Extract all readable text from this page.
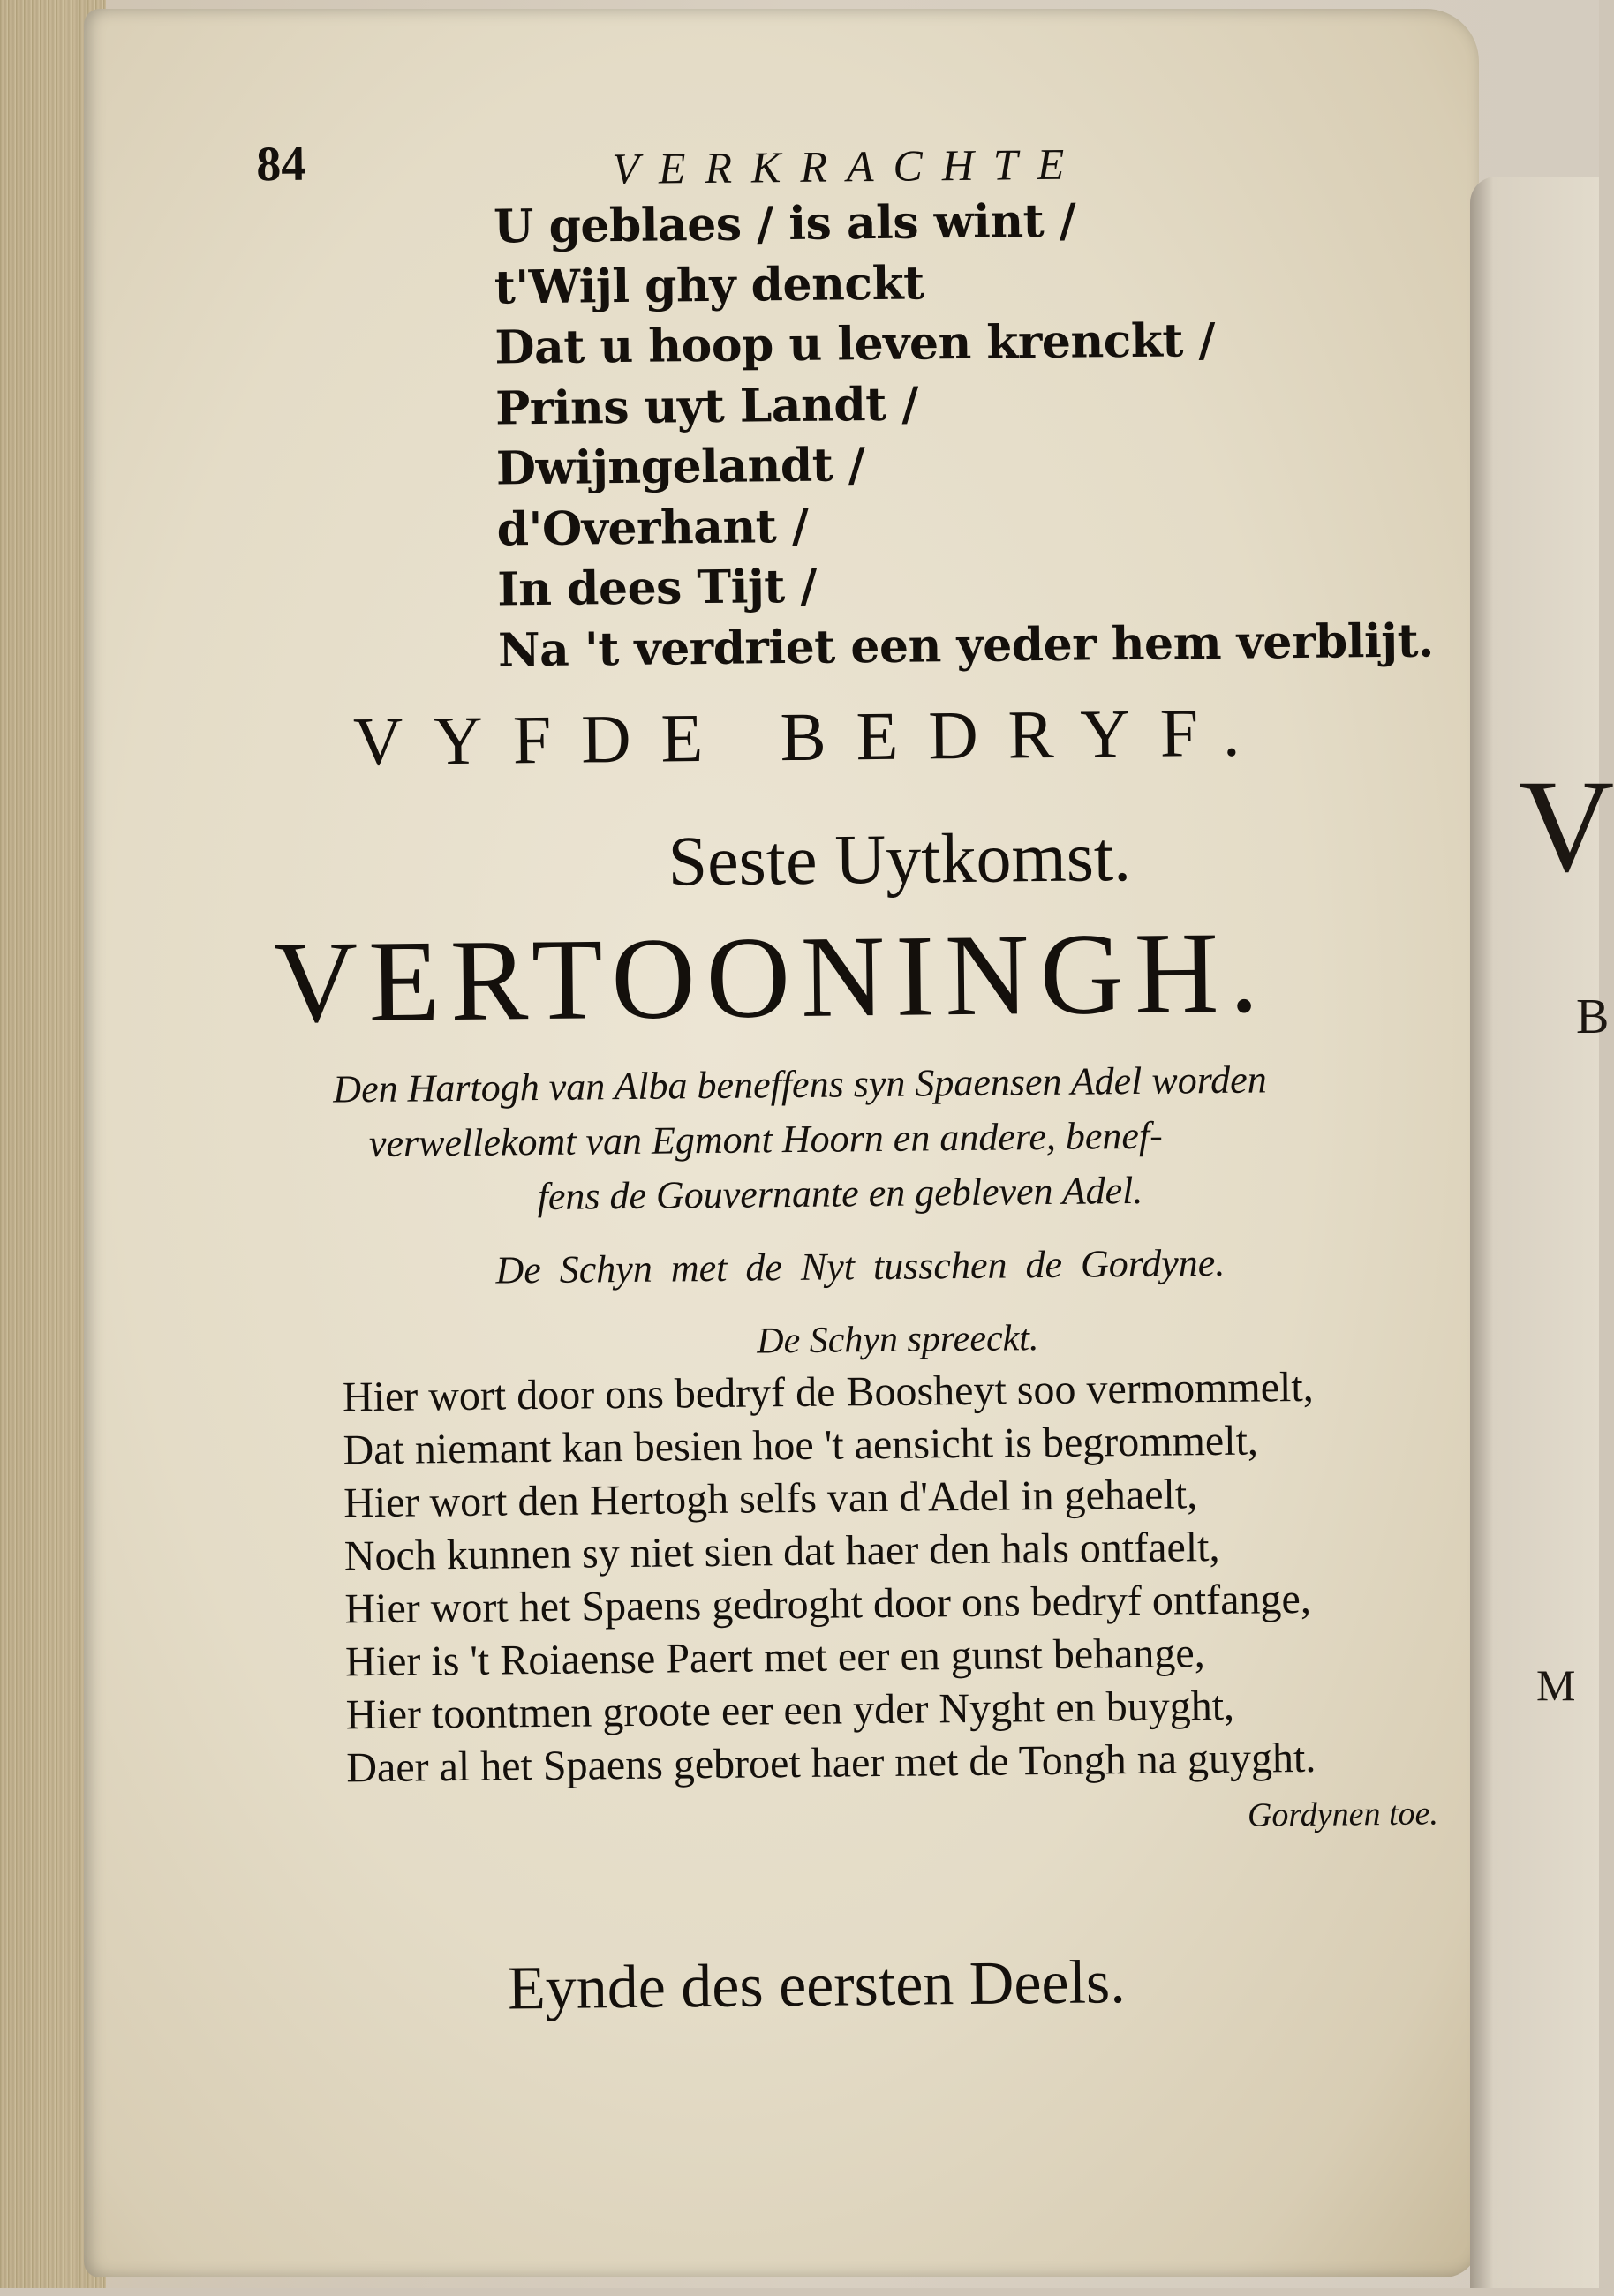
V
B
M
84	VERKRACHTE
U geblaes / is als wint /
t'Wijl ghy denckt
Dat u hoop u leven krenckt /
Prins uyt Landt /
Dwijngelandt /
d'Overhant /
In dees Tijt /
Na 't verdriet een yeder hem verblijt.
VYFDE BEDRYF.
Seste Uytkomst.
VERTOONINGH.
Den Hartogh van Alba beneffens syn Spaensen Adel worden
verwellekomt van Egmont Hoorn en andere, benef-
fens de Gouvernante en gebleven Adel.
De Schyn met de Nyt tusschen de Gordyne.
De Schyn spreeckt.
Hier wort door ons bedryf de Boosheyt soo vermommelt,
Dat niemant kan besien hoe 't aensicht is begrommelt,
Hier wort den Hertogh selfs van d'Adel in gehaelt,
Noch kunnen sy niet sien dat haer den hals ontfaelt,
Hier wort het Spaens gedroght door ons bedryf ontfange,
Hier is 't Roiaense Paert met eer en gunst behange,
Hier toontmen groote eer een yder Nyght en buyght,
Daer al het Spaens gebroet haer met de Tongh na guyght.
Gordynen toe.
Eynde des eersten Deels.
